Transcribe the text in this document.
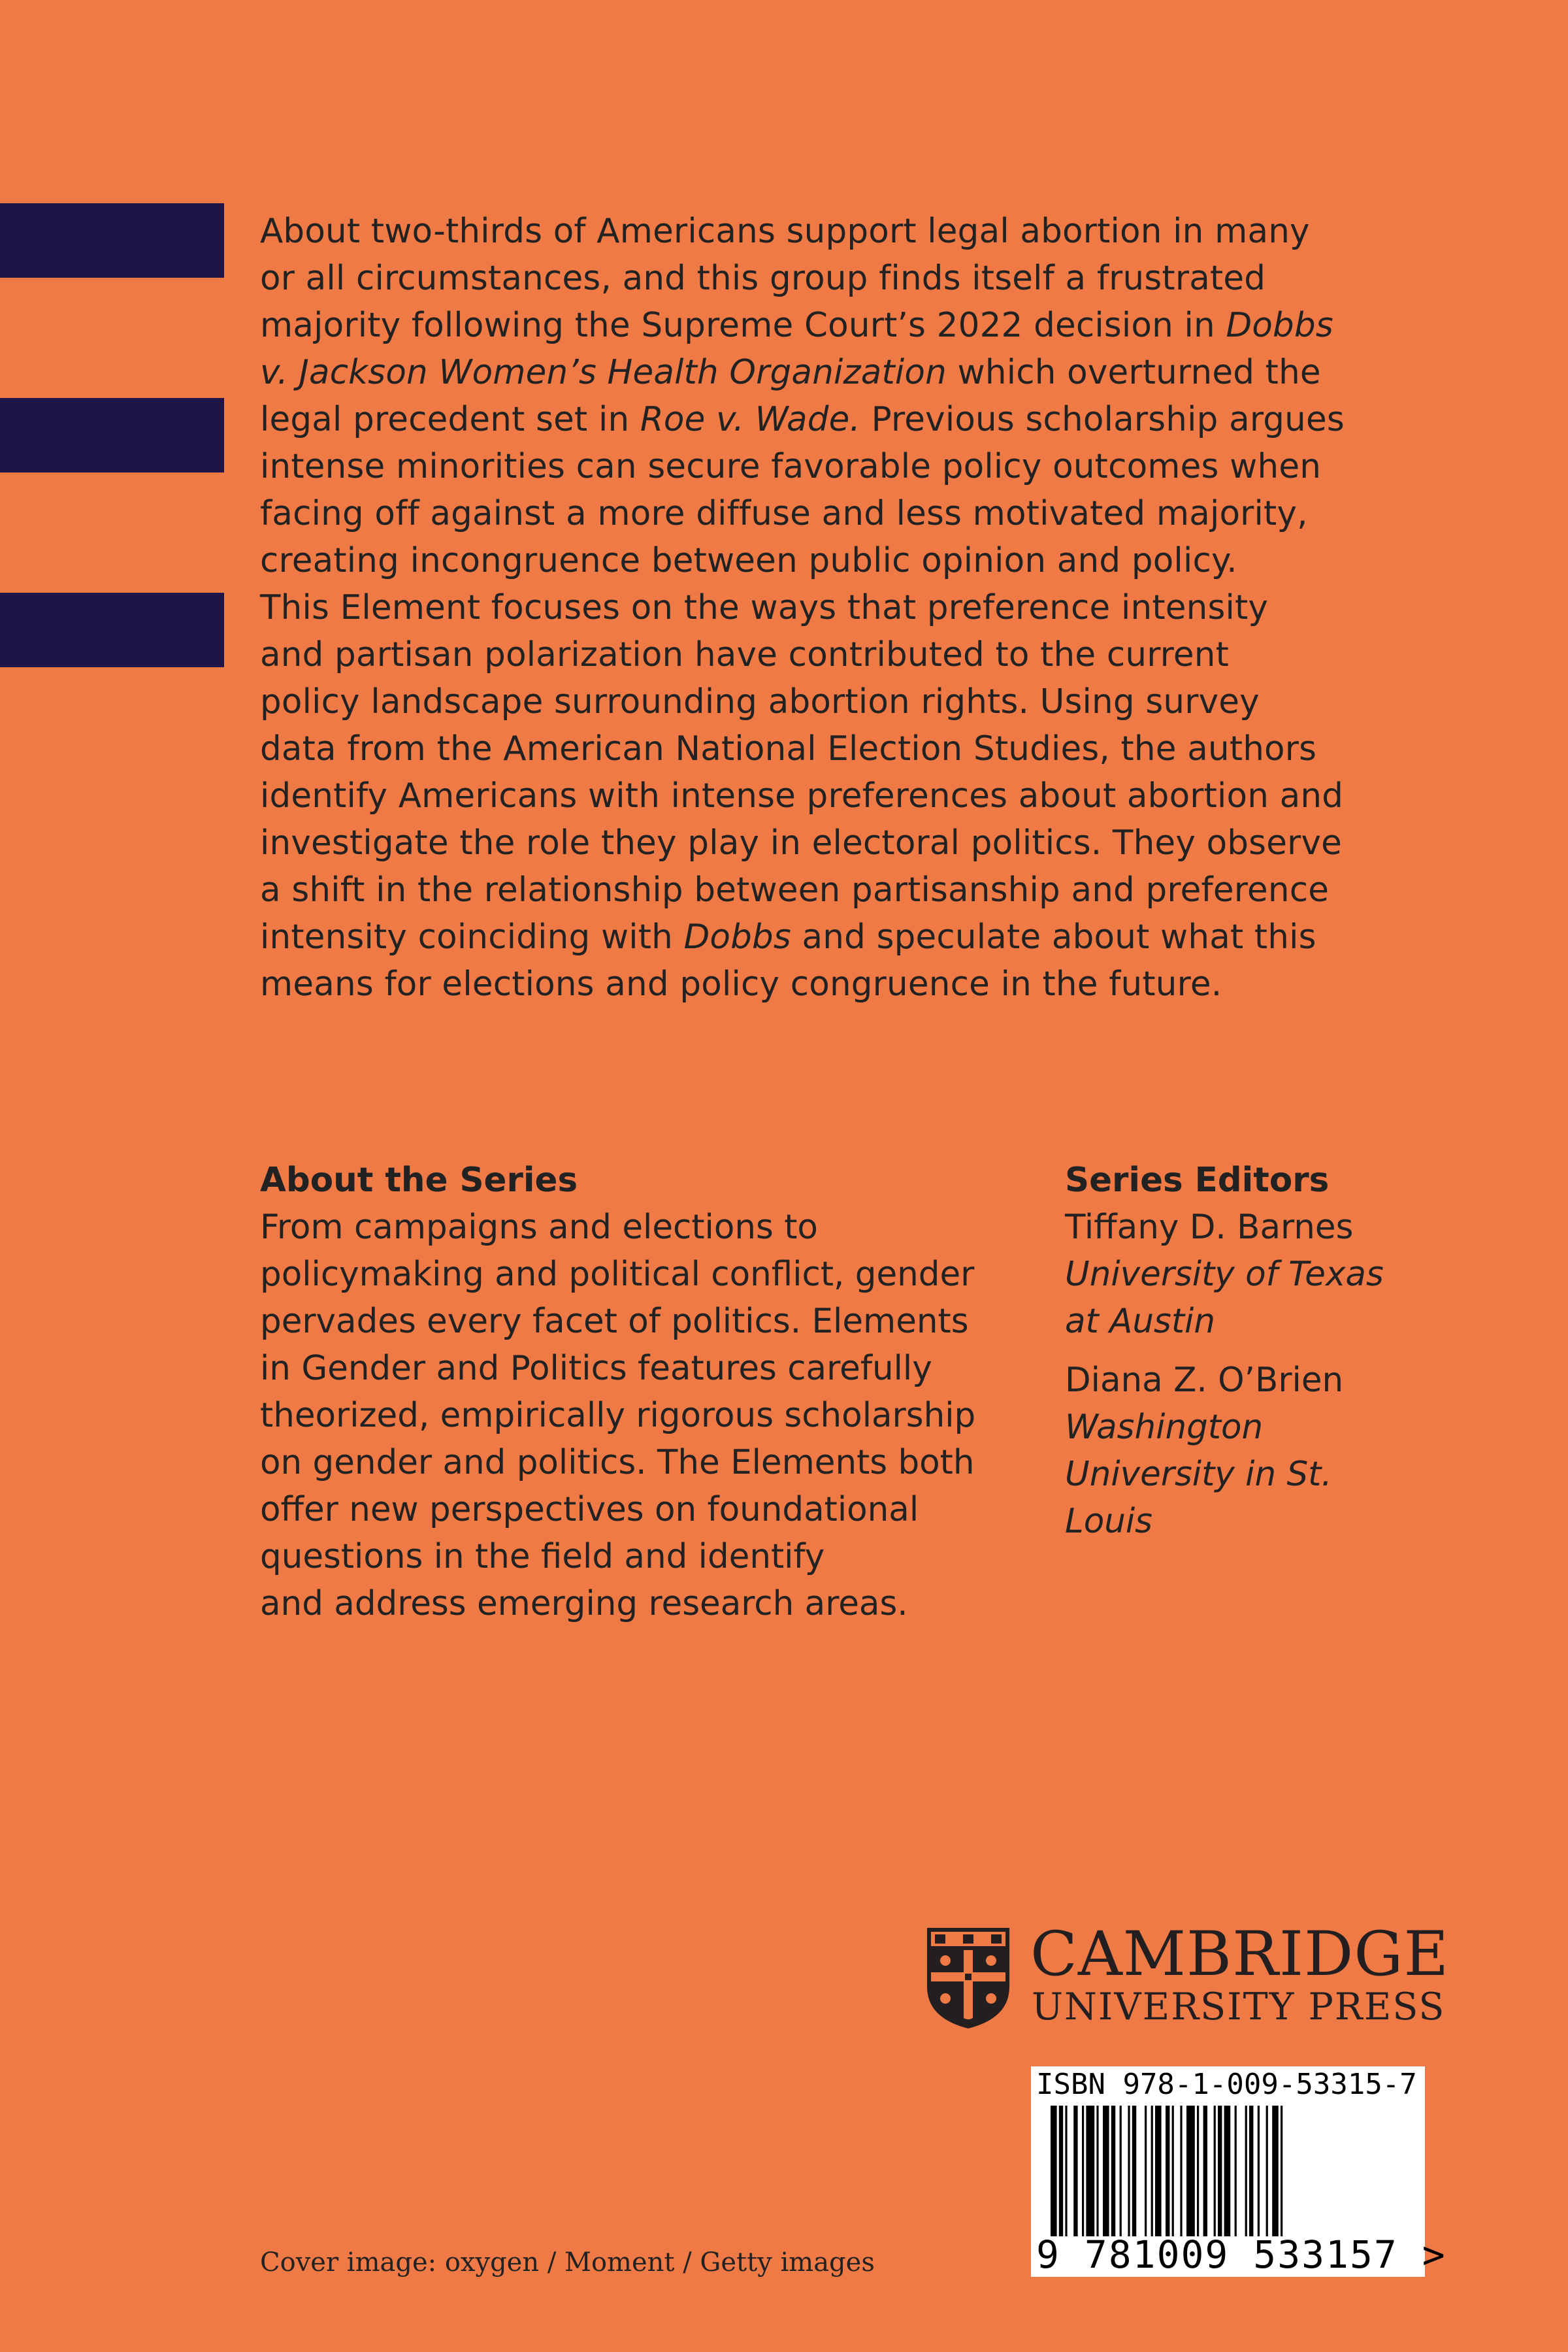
About two-thirds of Americans support legal abortion in many
or all circumstances, and this group finds itself a frustrated
majority following the Supreme Court’s 2022 decision in Dobbs
v. Jackson Women’s Health Organization which overturned the
legal precedent set in Roe v. Wade. Previous scholarship argues
intense minorities can secure favorable policy outcomes when
facing off against a more diffuse and less motivated majority,
creating incongruence between public opinion and policy.
This Element focuses on the ways that preference intensity
and partisan polarization have contributed to the current
policy landscape surrounding abortion rights. Using survey
data from the American National Election Studies, the authors
identify Americans with intense preferences about abortion and
investigate the role they play in electoral politics. They observe
a shift in the relationship between partisanship and preference
intensity coinciding with Dobbs and speculate about what this
means for elections and policy congruence in the future.
About the Series
From campaigns and elections to
policymaking and political conflict, gender
pervades every facet of politics. Elements
in Gender and Politics features carefully
theorized, empirically rigorous scholarship
on gender and politics. The Elements both
offer new perspectives on foundational
questions in the field and identify
and address emerging research areas.
Series Editors
Tiffany D. Barnes
University of Texas
at Austin
Diana Z. O’Brien
Washington
University in St.
Louis
CAMBRIDGE
UNIVERSITY PRESS
ISBN 978-1-009-53315-7
9 781009 533157 >

Cover image: oxygen / Moment / Getty images
